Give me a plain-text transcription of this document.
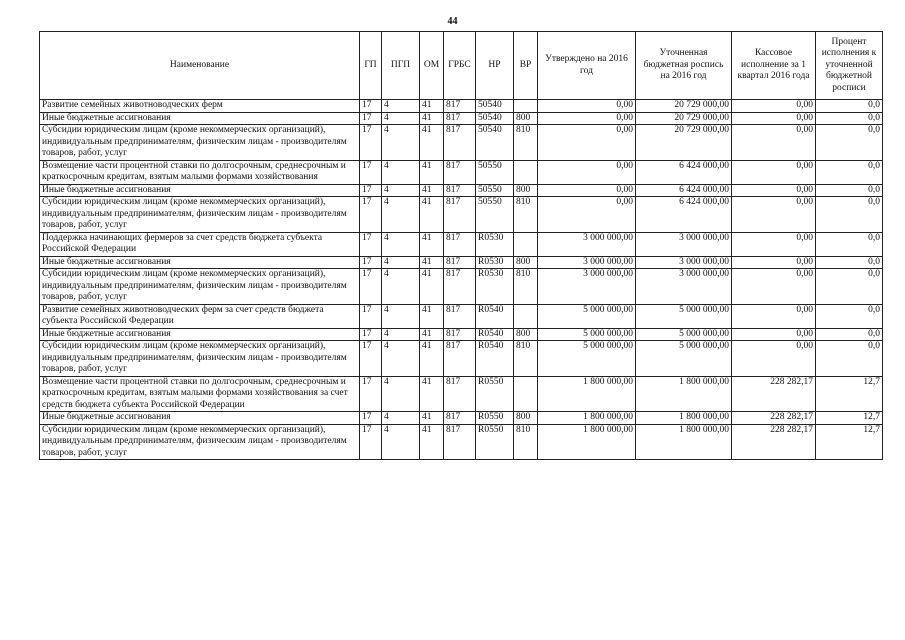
44
Наименование	ГП	ПГП	ОМ	ГРБС	НР	ВР	Утверждено на 2016 год	Уточненная бюджетная роспись на 2016 год	Кассовое исполнение за 1 квартал 2016 года	Процент исполнения к уточненной бюджетной росписи
Развитие семейных животноводческих ферм	17	4	41	817	50540		0,00	20 729 000,00	0,00	0,0
Иные бюджетные ассигнования	17	4	41	817	50540	800	0,00	20 729 000,00	0,00	0,0
Субсидии юридическим лицам (кроме некоммерческих организаций), индивидуальным предпринимателям, физическим лицам - производителям товаров, работ, услуг	17	4	41	817	50540	810	0,00	20 729 000,00	0,00	0,0
Возмещение части процентной ставки по долгосрочным, среднесрочным и краткосрочным кредитам, взятым малыми формами хозяйствования	17	4	41	817	50550		0,00	6 424 000,00	0,00	0,0
Иные бюджетные ассигнования	17	4	41	817	50550	800	0,00	6 424 000,00	0,00	0,0
Субсидии юридическим лицам (кроме некоммерческих организаций), индивидуальным предпринимателям, физическим лицам - производителям товаров, работ, услуг	17	4	41	817	50550	810	0,00	6 424 000,00	0,00	0,0
Поддержка начинающих фермеров за счет средств бюджета субъекта Российской Федерации	17	4	41	817	R0530		3 000 000,00	3 000 000,00	0,00	0,0
Иные бюджетные ассигнования	17	4	41	817	R0530	800	3 000 000,00	3 000 000,00	0,00	0,0
Субсидии юридическим лицам (кроме некоммерческих организаций), индивидуальным предпринимателям, физическим лицам - производителям товаров, работ, услуг	17	4	41	817	R0530	810	3 000 000,00	3 000 000,00	0,00	0,0
Развитие семейных животноводческих ферм за счет средств бюджета субъекта Российской Федерации	17	4	41	817	R0540		5 000 000,00	5 000 000,00	0,00	0,0
Иные бюджетные ассигнования	17	4	41	817	R0540	800	5 000 000,00	5 000 000,00	0,00	0,0
Субсидии юридическим лицам (кроме некоммерческих организаций), индивидуальным предпринимателям, физическим лицам - производителям товаров, работ, услуг	17	4	41	817	R0540	810	5 000 000,00	5 000 000,00	0,00	0,0
Возмещение части процентной ставки по долгосрочным, среднесрочным и краткосрочным кредитам, взятым малыми формами хозяйствования за счет средств бюджета субъекта Российской Федерации	17	4	41	817	R0550		1 800 000,00	1 800 000,00	228 282,17	12,7
Иные бюджетные ассигнования	17	4	41	817	R0550	800	1 800 000,00	1 800 000,00	228 282,17	12,7
Субсидии юридическим лицам (кроме некоммерческих организаций), индивидуальным предпринимателям, физическим лицам - производителям товаров, работ, услуг	17	4	41	817	R0550	810	1 800 000,00	1 800 000,00	228 282,17	12,7
